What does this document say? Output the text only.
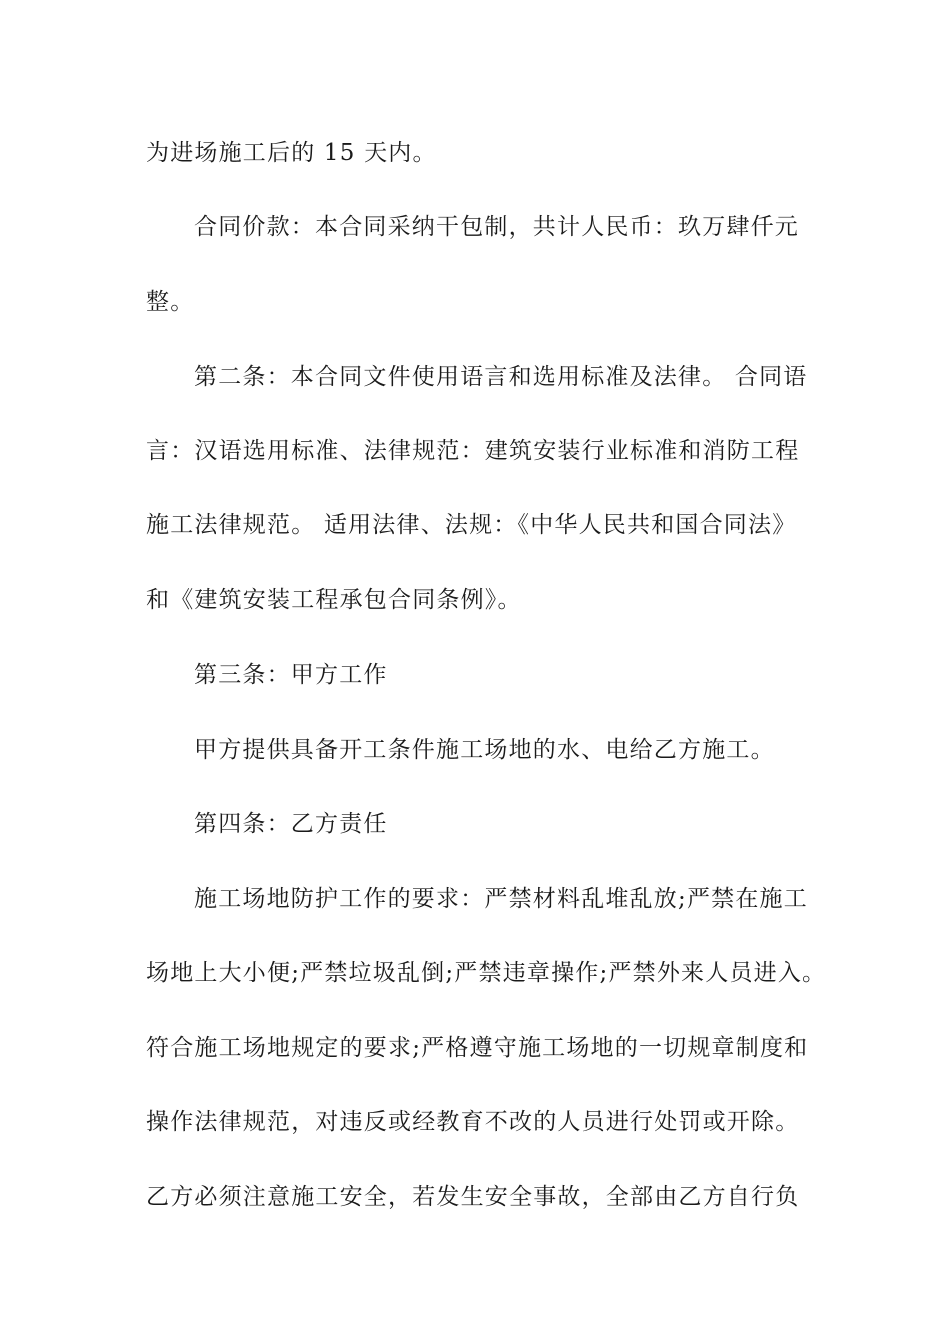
为进场施工后的 15 天内。
合同价款：本合同采纳干包制，共计人民币：玖万肆仟元
整。
第二条：本合同文件使用语言和选用标准及法律。 合同语
言：汉语选用标准、法律规范：建筑安装行业标准和消防工程
施工法律规范。 适用法律、法规：《中华人民共和国合同法》
和《建筑安装工程承包合同条例》。
第三条：甲方工作
甲方提供具备开工条件施工场地的水、电给乙方施工。
第四条：乙方责任
施工场地防护工作的要求：严禁材料乱堆乱放;严禁在施工
场地上大小便;严禁垃圾乱倒;严禁违章操作;严禁外来人员进入。
符合施工场地规定的要求;严格遵守施工场地的一切规章制度和
操作法律规范，对违反或经教育不改的人员进行处罚或开除。
乙方必须注意施工安全，若发生安全事故，全部由乙方自行负
